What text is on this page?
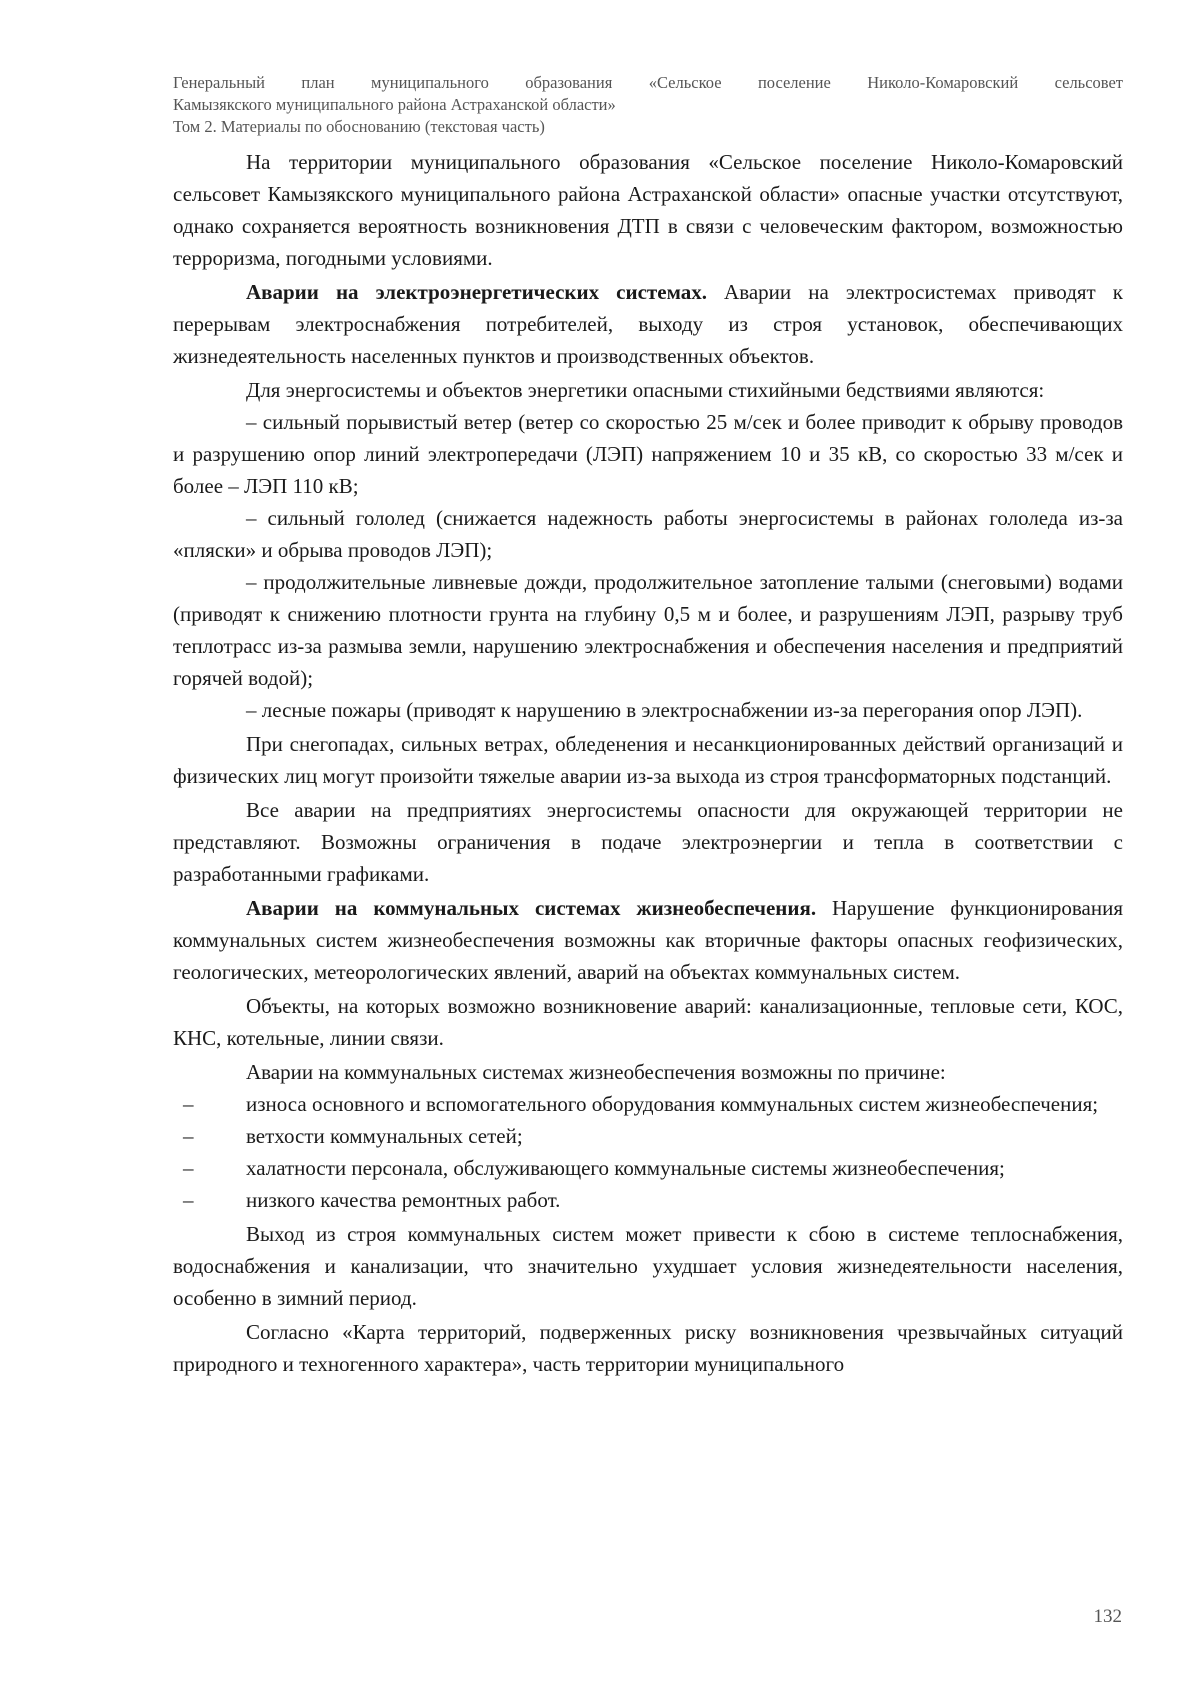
Генеральный план муниципального образования «Сельское поселение Николо-Комаровский сельсовет
Камызякского муниципального района Астраханской области»
Том 2. Материалы по обоснованию (текстовая часть)

На территории муниципального образования «Сельское поселение Николо-Комаровский сельсовет Камызякского муниципального района Астраханской области» опасные участки отсутствуют, однако сохраняется вероятность возникновения ДТП в связи с человеческим фактором, возможностью терроризма, погодными условиями.

Аварии на электроэнергетических системах. Аварии на электросистемах приводят к перерывам электроснабжения потребителей, выходу из строя установок, обеспечивающих жизнедеятельность населенных пунктов и производственных объектов.

Для энергосистемы и объектов энергетики опасными стихийными бедствиями являются:

– сильный порывистый ветер (ветер со скоростью 25 м/сек и более приводит к обрыву проводов и разрушению опор линий электропередачи (ЛЭП) напряжением 10 и 35 кВ, со скоростью 33 м/сек и более – ЛЭП 110 кВ;

– сильный гололед (снижается надежность работы энергосистемы в районах гололеда из-за «пляски» и обрыва проводов ЛЭП);

– продолжительные ливневые дожди, продолжительное затопление талыми (снеговыми) водами (приводят к снижению плотности грунта на глубину 0,5 м и более, и разрушениям ЛЭП, разрыву труб теплотрасс из-за размыва земли, нарушению электроснабжения и обеспечения населения и предприятий горячей водой);

– лесные пожары (приводят к нарушению в электроснабжении из-за перегорания опор ЛЭП).

При снегопадах, сильных ветрах, обледенения и несанкционированных действий организаций и физических лиц могут произойти тяжелые аварии из-за выхода из строя трансформаторных подстанций.

Все аварии на предприятиях энергосистемы опасности для окружающей территории не представляют. Возможны ограничения в подаче электроэнергии и тепла в соответствии с разработанными графиками.

Аварии на коммунальных системах жизнеобеспечения. Нарушение функционирования коммунальных систем жизнеобеспечения возможны как вторичные факторы опасных геофизических, геологических, метеорологических явлений, аварий на объектах коммунальных систем.

Объекты, на которых возможно возникновение аварий: канализационные, тепловые сети, КОС, КНС, котельные, линии связи.

Аварии на коммунальных системах жизнеобеспечения возможны по причине:

–	износа основного и вспомогательного оборудования коммунальных систем жизнеобеспечения;

–	ветхости коммунальных сетей;

–	халатности персонала, обслуживающего коммунальные системы жизнеобеспечения;

–	низкого качества ремонтных работ.

Выход из строя коммунальных систем может привести к сбою в системе теплоснабжения, водоснабжения и канализации, что значительно ухудшает условия жизнедеятельности населения, особенно в зимний период.

Согласно «Карта территорий, подверженных риску возникновения чрезвычайных ситуаций природного и техногенного характера», часть территории муниципального

132
